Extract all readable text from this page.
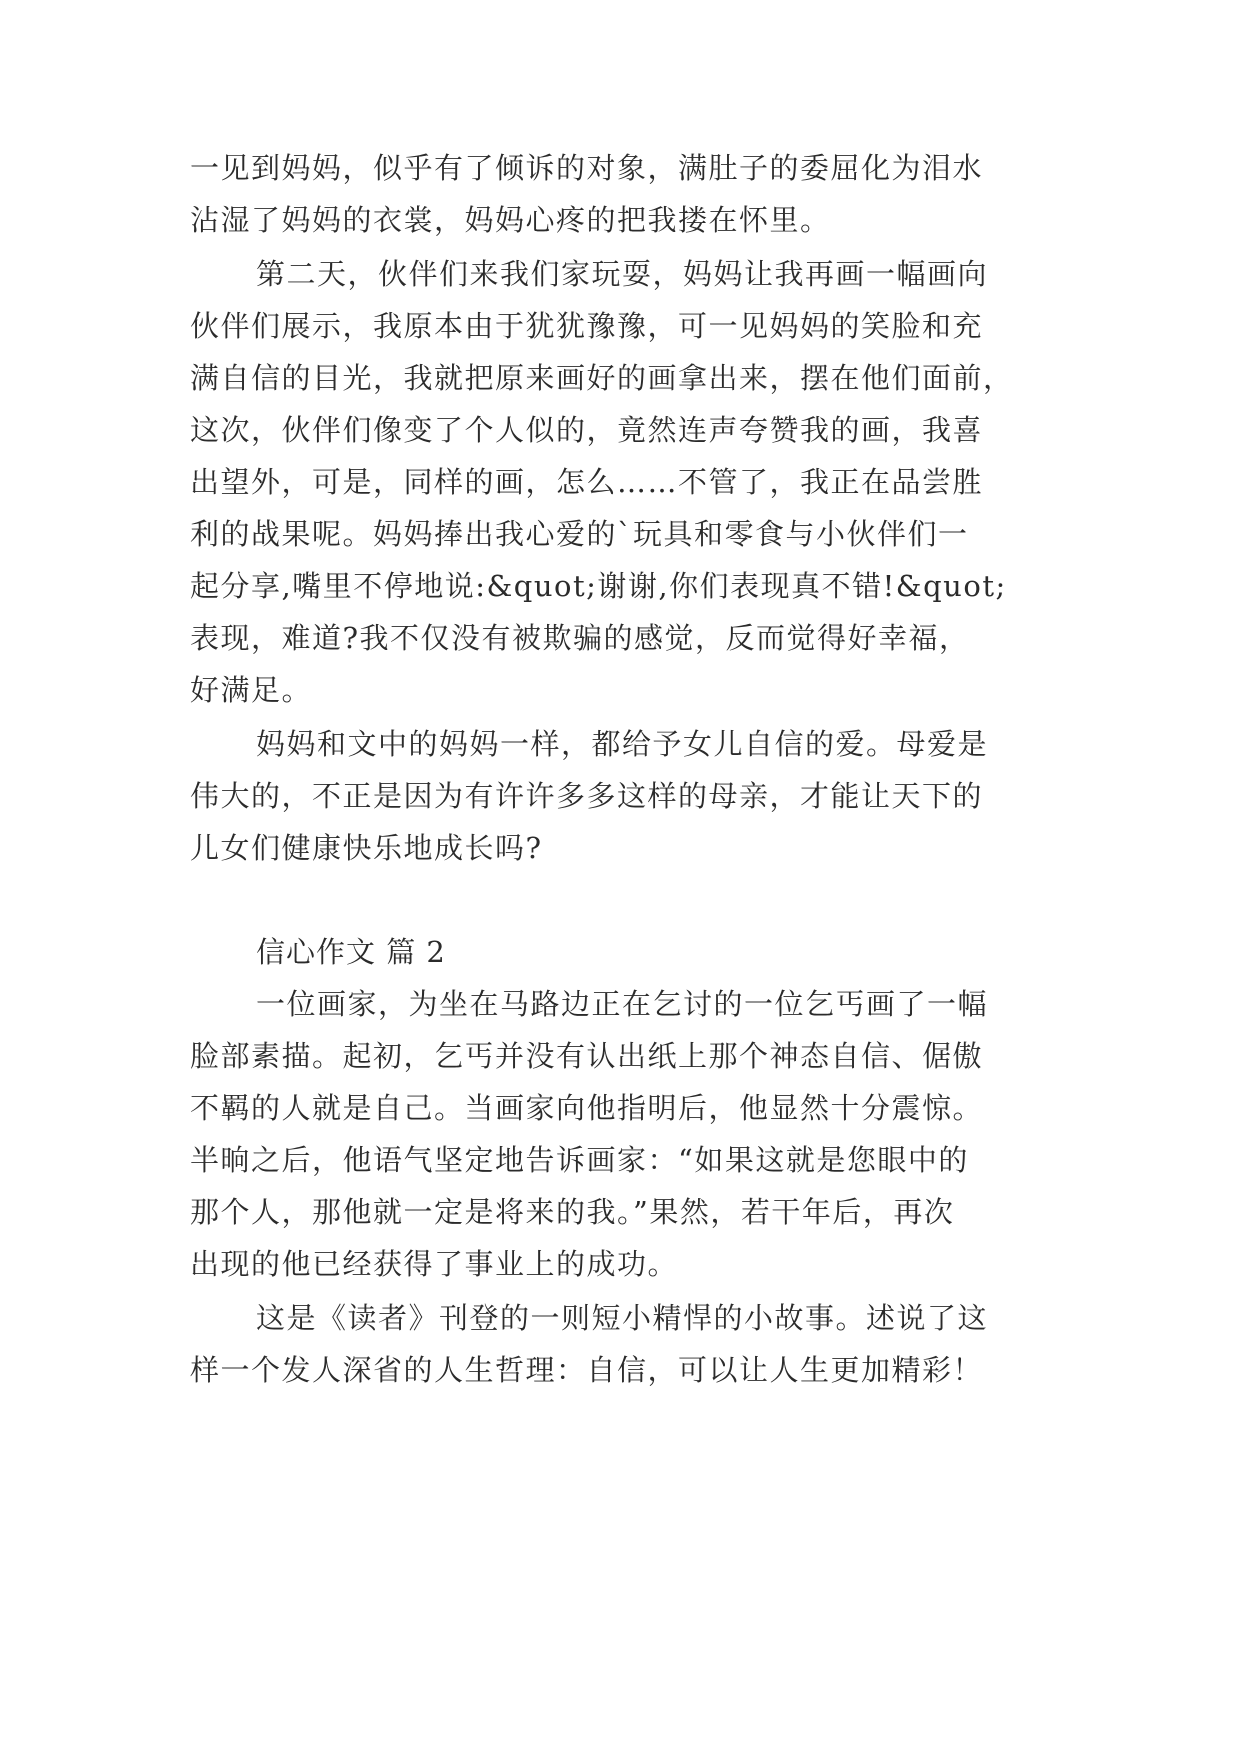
一见到妈妈，似乎有了倾诉的对象，满肚子的委屈化为泪水
沾湿了妈妈的衣裳，妈妈心疼的把我搂在怀里。
第二天，伙伴们来我们家玩耍，妈妈让我再画一幅画向
伙伴们展示，我原本由于犹犹豫豫，可一见妈妈的笑脸和充
满自信的目光，我就把原来画好的画拿出来，摆在他们面前，
这次，伙伴们像变了个人似的，竟然连声夸赞我的画，我喜
出望外，可是，同样的画，怎么……不管了，我正在品尝胜
利的战果呢。妈妈捧出我心爱的`玩具和零食与小伙伴们一
起分享,嘴里不停地说:&quot;谢谢,你们表现真不错!&quot;
表现，难道?我不仅没有被欺骗的感觉，反而觉得好幸福，
好满足。
妈妈和文中的妈妈一样，都给予女儿自信的爱。母爱是
伟大的，不正是因为有许许多多这样的母亲，才能让天下的
儿女们健康快乐地成长吗?
信心作文 篇 2
一位画家，为坐在马路边正在乞讨的一位乞丐画了一幅
脸部素描。起初，乞丐并没有认出纸上那个神态自信、倨傲
不羁的人就是自己。当画家向他指明后，他显然十分震惊。
半晌之后，他语气坚定地告诉画家：“如果这就是您眼中的
那个人，那他就一定是将来的我。”果然，若干年后，再次
出现的他已经获得了事业上的成功。
这是《读者》刊登的一则短小精悍的小故事。述说了这
样一个发人深省的人生哲理：自信，可以让人生更加精彩！
